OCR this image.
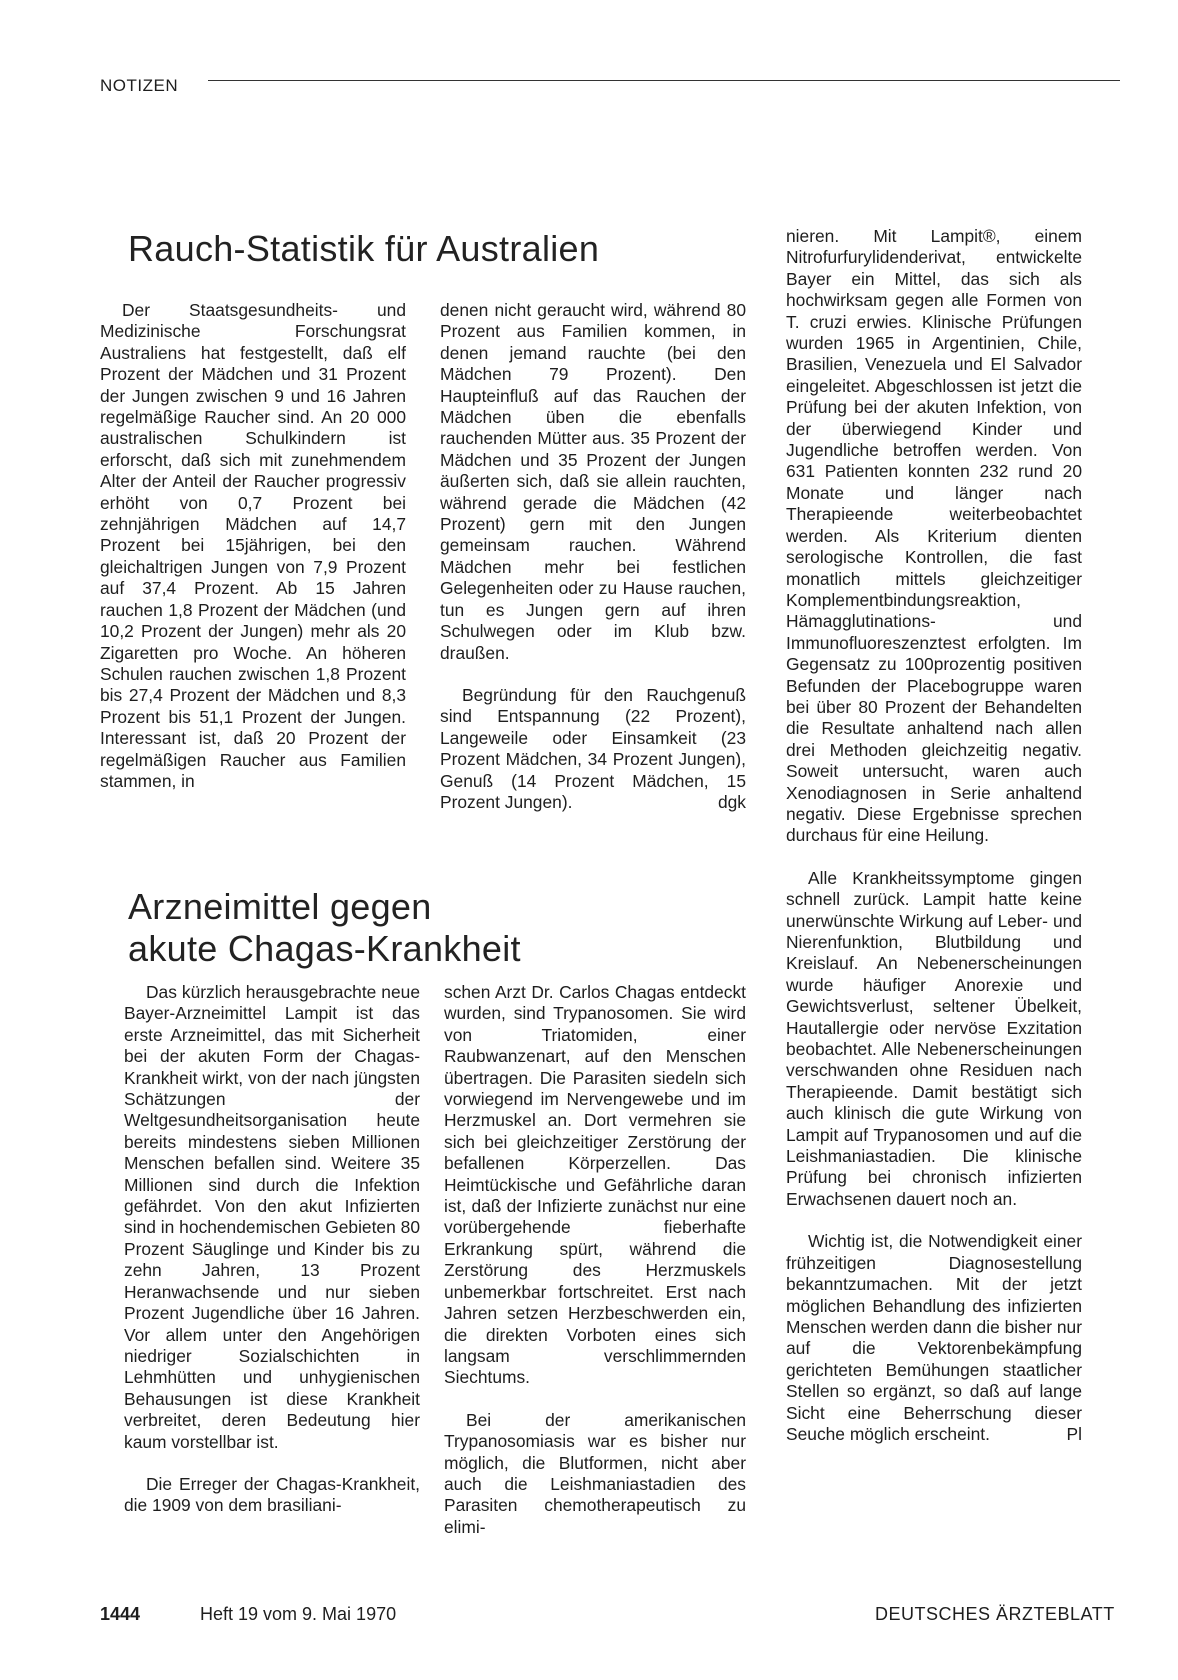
NOTIZEN
Rauch-Statistik für Australien

Der Staatsgesundheits- und Medizinische Forschungsrat Australiens hat festgestellt, daß elf Prozent der Mädchen und 31 Prozent der Jungen zwischen 9 und 16 Jahren regelmäßige Raucher sind. An 20 000 australischen Schulkindern ist erforscht, daß sich mit zunehmendem Alter der Anteil der Raucher progressiv erhöht von 0,7 Prozent bei zehnjährigen Mädchen auf 14,7 Prozent bei 15jährigen, bei den gleichaltrigen Jungen von 7,9 Prozent auf 37,4 Prozent. Ab 15 Jahren rauchen 1,8 Prozent der Mädchen (und 10,2 Prozent der Jungen) mehr als 20 Zigaretten pro Woche. An höheren Schulen rauchen zwischen 1,8 Prozent bis 27,4 Prozent der Mädchen und 8,3 Prozent bis 51,1 Prozent der Jungen. Interessant ist, daß 20 Prozent der regelmäßigen Raucher aus Familien stammen, in

denen nicht geraucht wird, während 80 Prozent aus Familien kommen, in denen jemand rauchte (bei den Mädchen 79 Prozent). Den Haupteinfluß auf das Rauchen der Mädchen üben die ebenfalls rauchenden Mütter aus. 35 Prozent der Mädchen und 35 Prozent der Jungen äußerten sich, daß sie allein rauchten, während gerade die Mädchen (42 Prozent) gern mit den Jungen gemeinsam rauchen. Während Mädchen mehr bei festlichen Gelegenheiten oder zu Hause rauchen, tun es Jungen gern auf ihren Schulwegen oder im Klub bzw. draußen.

Begründung für den Rauchgenuß sind Entspannung (22 Prozent), Langeweile oder Einsamkeit (23 Prozent Mädchen, 34 Prozent Jungen), Genuß (14 Prozent Mädchen, 15 Prozent Jungen).	dgk

Arzneimittel gegen
akute Chagas-Krankheit

Das kürzlich herausgebrachte neue Bayer-Arzneimittel Lampit ist das erste Arzneimittel, das mit Sicherheit bei der akuten Form der Chagas-Krankheit wirkt, von der nach jüngsten Schätzungen der Weltgesundheitsorganisation heute bereits mindestens sieben Millionen Menschen befallen sind. Weitere 35 Millionen sind durch die Infektion gefährdet. Von den akut Infizierten sind in hochendemischen Gebieten 80 Prozent Säuglinge und Kinder bis zu zehn Jahren, 13 Prozent Heranwachsende und nur sieben Prozent Jugendliche über 16 Jahren. Vor allem unter den Angehörigen niedriger Sozialschichten in Lehmhütten und unhygienischen Behausungen ist diese Krankheit verbreitet, deren Bedeutung hier kaum vorstellbar ist.

Die Erreger der Chagas-Krankheit, die 1909 von dem brasiliani-

schen Arzt Dr. Carlos Chagas entdeckt wurden, sind Trypanosomen. Sie wird von Triatomiden, einer Raubwanzenart, auf den Menschen übertragen. Die Parasiten siedeln sich vorwiegend im Nervengewebe und im Herzmuskel an. Dort vermehren sie sich bei gleichzeitiger Zerstörung der befallenen Körperzellen. Das Heimtückische und Gefährliche daran ist, daß der Infizierte zunächst nur eine vorübergehende fieberhafte Erkrankung spürt, während die Zerstörung des Herzmuskels unbemerkbar fortschreitet. Erst nach Jahren setzen Herzbeschwerden ein, die direkten Vorboten eines sich langsam verschlimmernden Siechtums.

Bei der amerikanischen Trypanosomiasis war es bisher nur möglich, die Blutformen, nicht aber auch die Leishmaniastadien des Parasiten chemotherapeutisch zu elimi-

nieren. Mit Lampit®, einem Nitrofurfurylidenderivat, entwickelte Bayer ein Mittel, das sich als hochwirksam gegen alle Formen von T. cruzi erwies. Klinische Prüfungen wurden 1965 in Argentinien, Chile, Brasilien, Venezuela und El Salvador eingeleitet. Abgeschlossen ist jetzt die Prüfung bei der akuten Infektion, von der überwiegend Kinder und Jugendliche betroffen werden. Von 631 Patienten konnten 232 rund 20 Monate und länger nach Therapieende weiterbeobachtet werden. Als Kriterium dienten serologische Kontrollen, die fast monatlich mittels gleichzeitiger Komplementbindungsreaktion, Hämagglutinations- und Immunofluoreszenztest erfolgten. Im Gegensatz zu 100prozentig positiven Befunden der Placebogruppe waren bei über 80 Prozent der Behandelten die Resultate anhaltend nach allen drei Methoden gleichzeitig negativ. Soweit untersucht, waren auch Xenodiagnosen in Serie anhaltend negativ. Diese Ergebnisse sprechen durchaus für eine Heilung.

Alle Krankheitssymptome gingen schnell zurück. Lampit hatte keine unerwünschte Wirkung auf Leber- und Nierenfunktion, Blutbildung und Kreislauf. An Nebenerscheinungen wurde häufiger Anorexie und Gewichtsverlust, seltener Übelkeit, Hautallergie oder nervöse Exzitation beobachtet. Alle Nebenerscheinungen verschwanden ohne Residuen nach Therapieende. Damit bestätigt sich auch klinisch die gute Wirkung von Lampit auf Trypanosomen und auf die Leishmaniastadien. Die klinische Prüfung bei chronisch infizierten Erwachsenen dauert noch an.

Wichtig ist, die Notwendigkeit einer frühzeitigen Diagnosestellung bekanntzumachen. Mit der jetzt möglichen Behandlung des infizierten Menschen werden dann die bisher nur auf die Vektorenbekämpfung gerichteten Bemühungen staatlicher Stellen so ergänzt, so daß auf lange Sicht eine Beherrschung dieser Seuche möglich erscheint.	Pl

1444	Heft 19 vom 9. Mai 1970	DEUTSCHES ÄRZTEBLATT
